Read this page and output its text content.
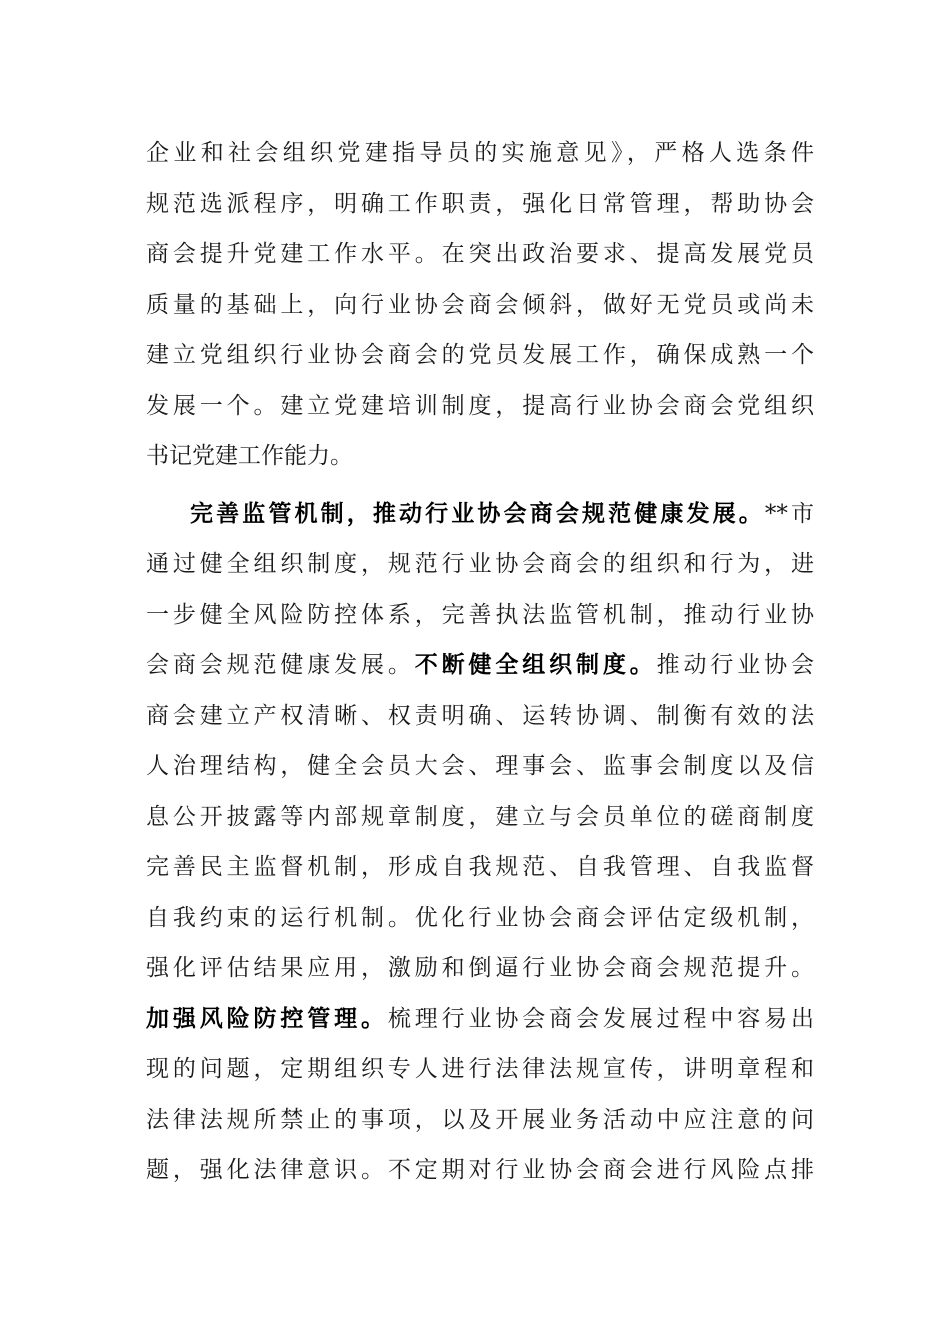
企业和社会组织党建指导员的实施意见》，严格人选条件
规范选派程序，明确工作职责，强化日常管理，帮助协会
商会提升党建工作水平。在突出政治要求、提高发展党员
质量的基础上，向行业协会商会倾斜，做好无党员或尚未
建立党组织行业协会商会的党员发展工作，确保成熟一个
发展一个。建立党建培训制度，提高行业协会商会党组织
书记党建工作能力。
完善监管机制，推动行业协会商会规范健康发展。**市
通过健全组织制度，规范行业协会商会的组织和行为，进
一步健全风险防控体系，完善执法监管机制，推动行业协
会商会规范健康发展。不断健全组织制度。推动行业协会
商会建立产权清晰、权责明确、运转协调、制衡有效的法
人治理结构，健全会员大会、理事会、监事会制度以及信
息公开披露等内部规章制度，建立与会员单位的磋商制度
完善民主监督机制，形成自我规范、自我管理、自我监督
自我约束的运行机制。优化行业协会商会评估定级机制，
强化评估结果应用，激励和倒逼行业协会商会规范提升。
加强风险防控管理。梳理行业协会商会发展过程中容易出
现的问题，定期组织专人进行法律法规宣传，讲明章程和
法律法规所禁止的事项，以及开展业务活动中应注意的问
题，强化法律意识。不定期对行业协会商会进行风险点排
